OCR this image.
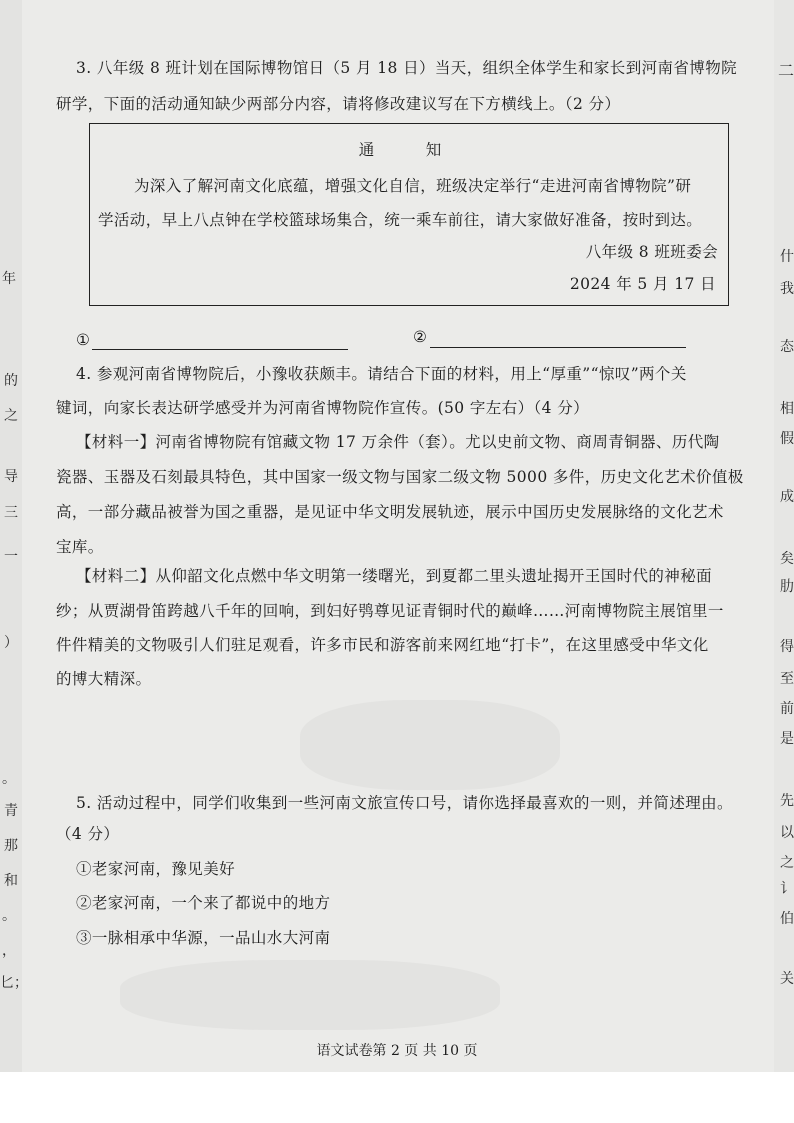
年
的
之
导
三
一
）
。
青
那
和
。
，
匕；
二
什
我
态
相
假
成
矣
肋
得
至
前
是
先
以
之
讠
伯
关
3. 八年级 8 班计划在国际博物馆日（5 月 18 日）当天，组织全体学生和家长到河南省博物院
研学，下面的活动通知缺少两部分内容，请将修改建议写在下方横线上。（2 分）
通　知
为深入了解河南文化底蕴，增强文化自信，班级决定举行“走进河南省博物院”研
学活动，早上八点钟在学校篮球场集合，统一乘车前往，请大家做好准备，按时到达。
八年级 8 班班委会
2024 年 5 月 17 日
①	②
4. 参观河南省博物院后，小豫收获颇丰。请结合下面的材料，用上“厚重”“惊叹”两个关
键词，向家长表达研学感受并为河南省博物院作宣传。(50 字左右）（4 分）
【材料一】河南省博物院有馆藏文物 17 万余件（套）。尤以史前文物、商周青铜器、历代陶
瓷器、玉器及石刻最具特色，其中国家一级文物与国家二级文物 5000 多件，历史文化艺术价值极
高，一部分藏品被誉为国之重器，是见证中华文明发展轨迹，展示中国历史发展脉络的文化艺术
宝库。
【材料二】从仰韶文化点燃中华文明第一缕曙光，到夏都二里头遗址揭开王国时代的神秘面
纱；从贾湖骨笛跨越八千年的回响，到妇好鸮尊见证青铜时代的巅峰……河南博物院主展馆里一
件件精美的文物吸引人们驻足观看，许多市民和游客前来网红地“打卡”，在这里感受中华文化
的博大精深。
5. 活动过程中，同学们收集到一些河南文旅宣传口号，请你选择最喜欢的一则，并简述理由。
（4 分）
①老家河南，豫见美好
②老家河南，一个来了都说中的地方
③一脉相承中华源，一品山水大河南
语文试卷第 2 页 共 10 页
